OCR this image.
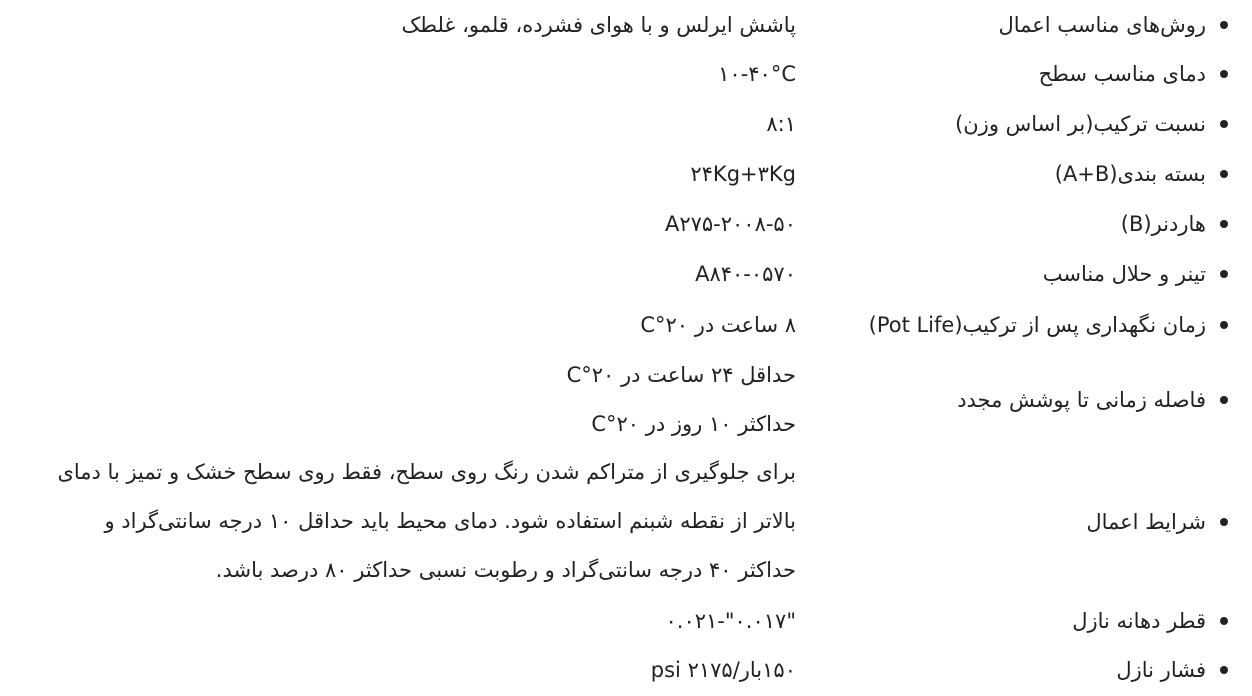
روش‌های مناسب اعمال
پاشش ایرلس و با هوای فشرده، قلمو، غلطک
دمای مناسب سطح
۱۰-۴۰°C
نسبت ترکیب(بر اساس وزن)
۸:۱
بسته بندی(A+B)
۲۴Kg+۳Kg
هاردنر(B)
A۲۷۵-۲۰۰۸-۵۰
تینر و حلال مناسب
A۸۴۰-۰۵۷۰
زمان نگهداری پس از ترکیب(Pot Life)
۸ ساعت در ۲۰°C
فاصله زمانی تا پوشش مجدد
حداقل ۲۴ ساعت در ۲۰°C
حداکثر ۱۰ روز در ۲۰°C
شرایط اعمال
برای جلوگیری از متراکم شدن رنگ روی سطح، فقط روی سطح خشک و تمیز با دمای
بالاتر از نقطه شبنم استفاده شود. دمای محیط باید حداقل ۱۰ درجه سانتی‌گراد و
حداکثر ۴۰ درجه سانتی‌گراد و رطوبت نسبی حداکثر ۸۰ درصد باشد.
قطر دهانه نازل
"۰.۰۱۷"-۰.۰۲۱
فشار نازل
۱۵۰بار/۲۱۷۵ psi
